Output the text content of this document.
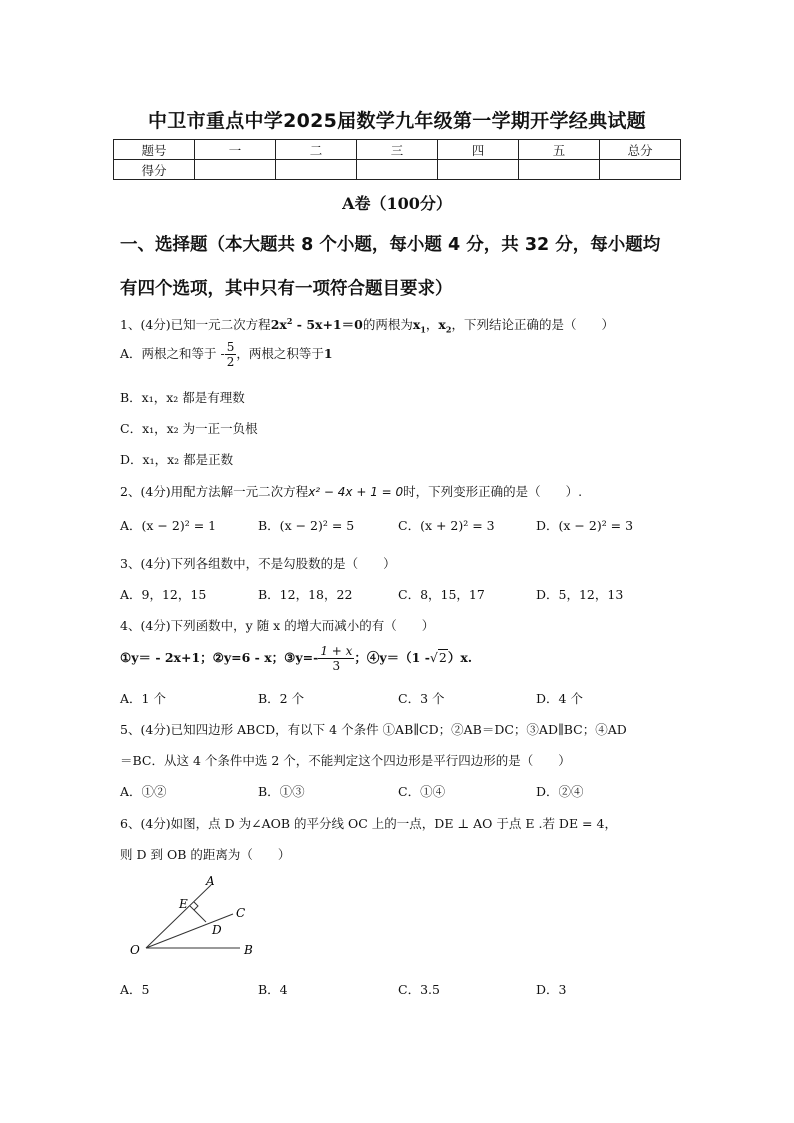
中卫市重点中学2025届数学九年级第一学期开学经典试题
题号	一	二	三	四	五	总分
得分						
A卷（100分）
一、选择题（本大题共 8 个小题，每小题 4 分，共 32 分，每小题均
有四个选项，其中只有一项符合题目要求）
1、(4分)已知一元二次方程$2x^2 - 5x+1=0$的两根为$x_1$，$x_2$，下列结论正确的是（　　）
A．两根之和等于 - $\frac{5}{2}$ ，两根之积等于1
B．x₁，x₂ 都是有理数
C．x₁，x₂ 为一正一负根
D．x₁，x₂ 都是正数
2、(4分)用配方法解一元二次方程x² − 4x + 1 = 0时，下列变形正确的是（　　）.
A．(x − 2)² = 1	B．(x − 2)² = 5	C．(x + 2)² = 3	D．(x − 2)² = 3
3、(4分)下列各组数中，不是勾股数的是（　　）
A．9，12，15	B．12，18，22	C．8，15，17	D．5，12，13
4、(4分)下列函数中，y 随 x 的增大而减小的有（　　）
①y＝ - 2x+1；②y=6 - x；③y=- $\frac{1 + x}{3}$ ；④y＝（1 -√2）x.
A．1 个	B．2 个	C．3 个	D．4 个
5、(4分)已知四边形 ABCD，有以下 4 个条件 ①AB∥CD；②AB＝DC；③AD∥BC；④AD
＝BC．从这 4 个条件中选 2 个，不能判定这个四边形是平行四边形的是（　　）
A．①②	B．①③	C．①④	D．②④
6、(4分)如图，点 D 为∠AOB 的平分线 OC 上的一点，DE ⊥ AO 于点 E .若 DE = 4，
则 D 到 OB 的距离为（　　）
A
E
C
D
O	B
A．5	B．4	C．3.5	D．3
